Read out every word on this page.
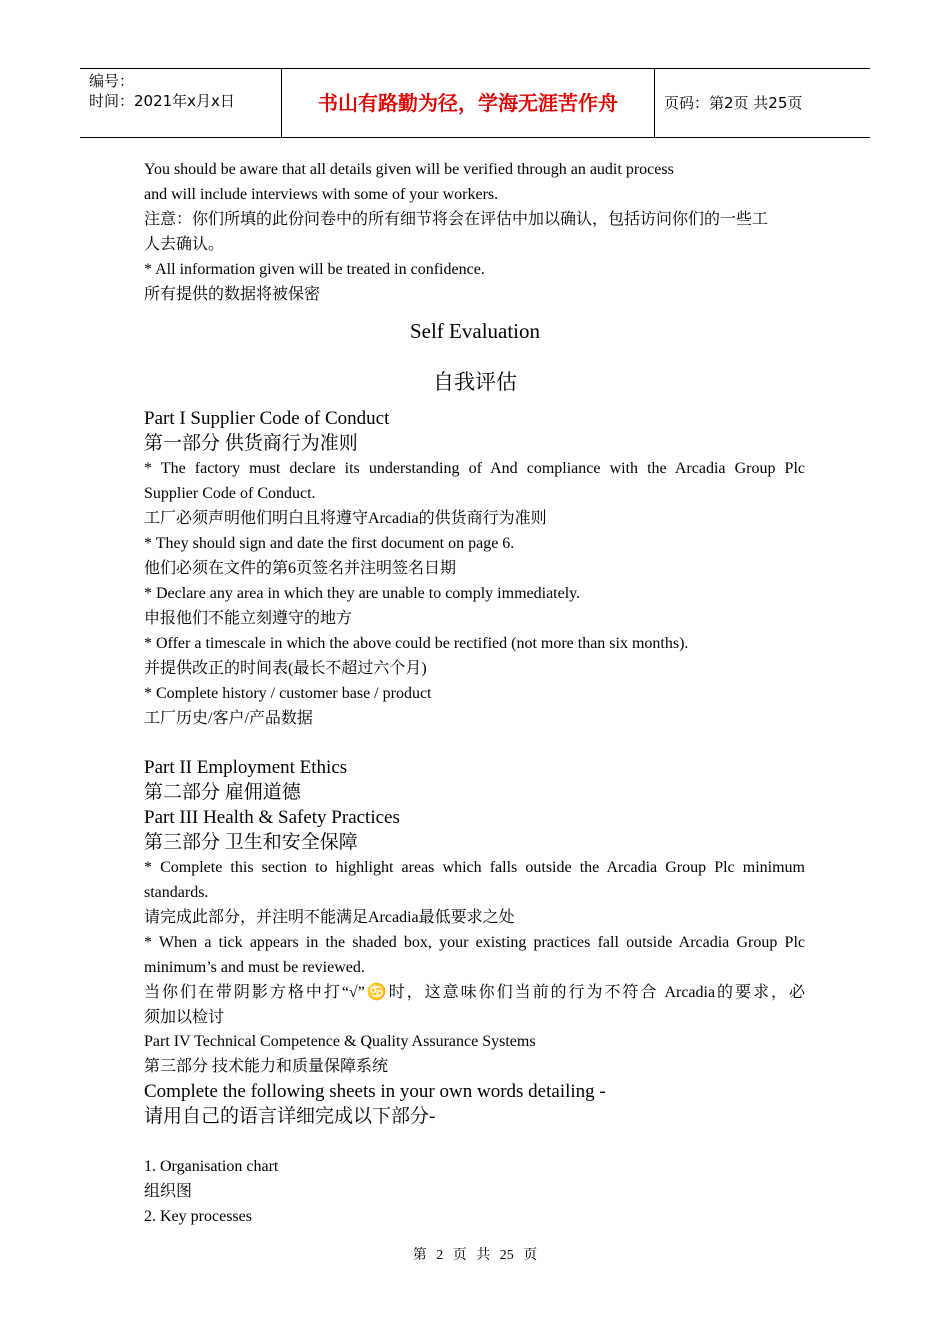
编号：
时间：2021年x月x日	书山有路勤为径，学海无涯苦作舟	页码：第2页 共25页
You should be aware that all details given will be verified through an audit process
and will include interviews with some of your workers.
注意：你们所填的此份问卷中的所有细节将会在评估中加以确认，包括访问你们的一些工
人去确认。
* All information given will be treated in confidence.
所有提供的数据将被保密
Self Evaluation
自我评估
Part I Supplier Code of Conduct
第一部分 供货商行为准则
* The factory must declare its understanding of And compliance with the Arcadia Group Plc
Supplier Code of Conduct.
工厂必须声明他们明白且将遵守Arcadia的供货商行为准则
* They should sign and date the first document on page 6.
他们必须在文件的第6页签名并注明签名日期
* Declare any area in which they are unable to comply immediately.
申报他们不能立刻遵守的地方
* Offer a timescale in which the above could be rectified (not more than six months).
并提供改正的时间表(最长不超过六个月)
* Complete history / customer base / product
工厂历史/客户/产品数据
Part II Employment Ethics
第二部分 雇佣道德
Part III Health & Safety Practices
第三部分 卫生和安全保障
* Complete this section to highlight areas which falls outside the Arcadia Group Plc minimum
standards.
请完成此部分，并注明不能满足Arcadia最低要求之处
* When a tick appears in the shaded box, your existing practices fall outside Arcadia Group Plc
minimum’s and must be reviewed.
当你们在带阴影方格中打“√”♋时，这意味你们当前的行为不符合 Arcadia的要求，必
须加以检讨
Part IV Technical Competence & Quality Assurance Systems
第三部分 技术能力和质量保障系统
Complete the following sheets in your own words detailing -
请用自己的语言详细完成以下部分-
1. Organisation chart
组织图
2. Key processes
第 2 页 共 25 页
